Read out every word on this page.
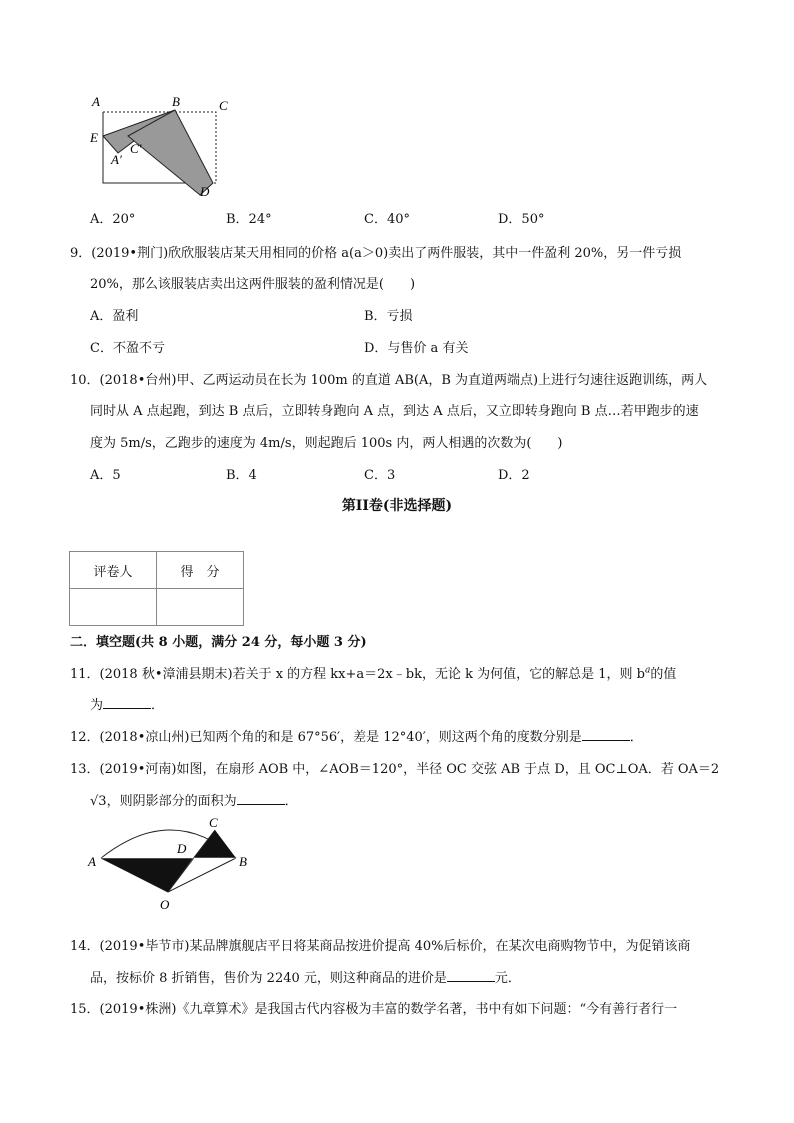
A	B	C
E
A′
C′
D
A．20°	B．24°	C．40°	D．50°
9．(2019•荆门)欣欣服装店某天用相同的价格 a(a＞0)卖出了两件服装，其中一件盈利 20%，另一件亏损
20%，那么该服装店卖出这两件服装的盈利情况是(　　)
A．盈利	B．亏损
C．不盈不亏	D．与售价 a 有关
10．(2018•台州)甲、乙两运动员在长为 100m 的直道 AB(A，B 为直道两端点)上进行匀速往返跑训练，两人
同时从 A 点起跑，到达 B 点后，立即转身跑向 A 点，到达 A 点后，又立即转身跑向 B 点…若甲跑步的速
度为 5m/s，乙跑步的速度为 4m/s，则起跑后 100s 内，两人相遇的次数为(　　)
A．5	B．4	C．3	D．2
第II卷(非选择题)
评卷人	得　分

二．填空题(共 8 小题，满分 24 分，每小题 3 分)
11．(2018 秋•漳浦县期末)若关于 x 的方程 kx+a＝2x﹣bk，无论 k 为何值，它的解总是 1，则 $b^a$的值
为	．
12．(2018•凉山州)已知两个角的和是 67°56′，差是 12°40′，则这两个角的度数分别是	．
13．(2019•河南)如图，在扇形 AOB 中，∠AOB＝120°，半径 OC 交弦 AB 于点 D，且 OC⊥OA．若 OA＝2
√3，则阴影部分的面积为	．
A	B
C
D
O
14．(2019•毕节市)某品牌旗舰店平日将某商品按进价提高 40%后标价，在某次电商购物节中，为促销该商
品，按标价 8 折销售，售价为 2240 元，则这种商品的进价是	元．
15．(2019•株洲)《九章算术》是我国古代内容极为丰富的数学名著，书中有如下问题：“今有善行者行一
